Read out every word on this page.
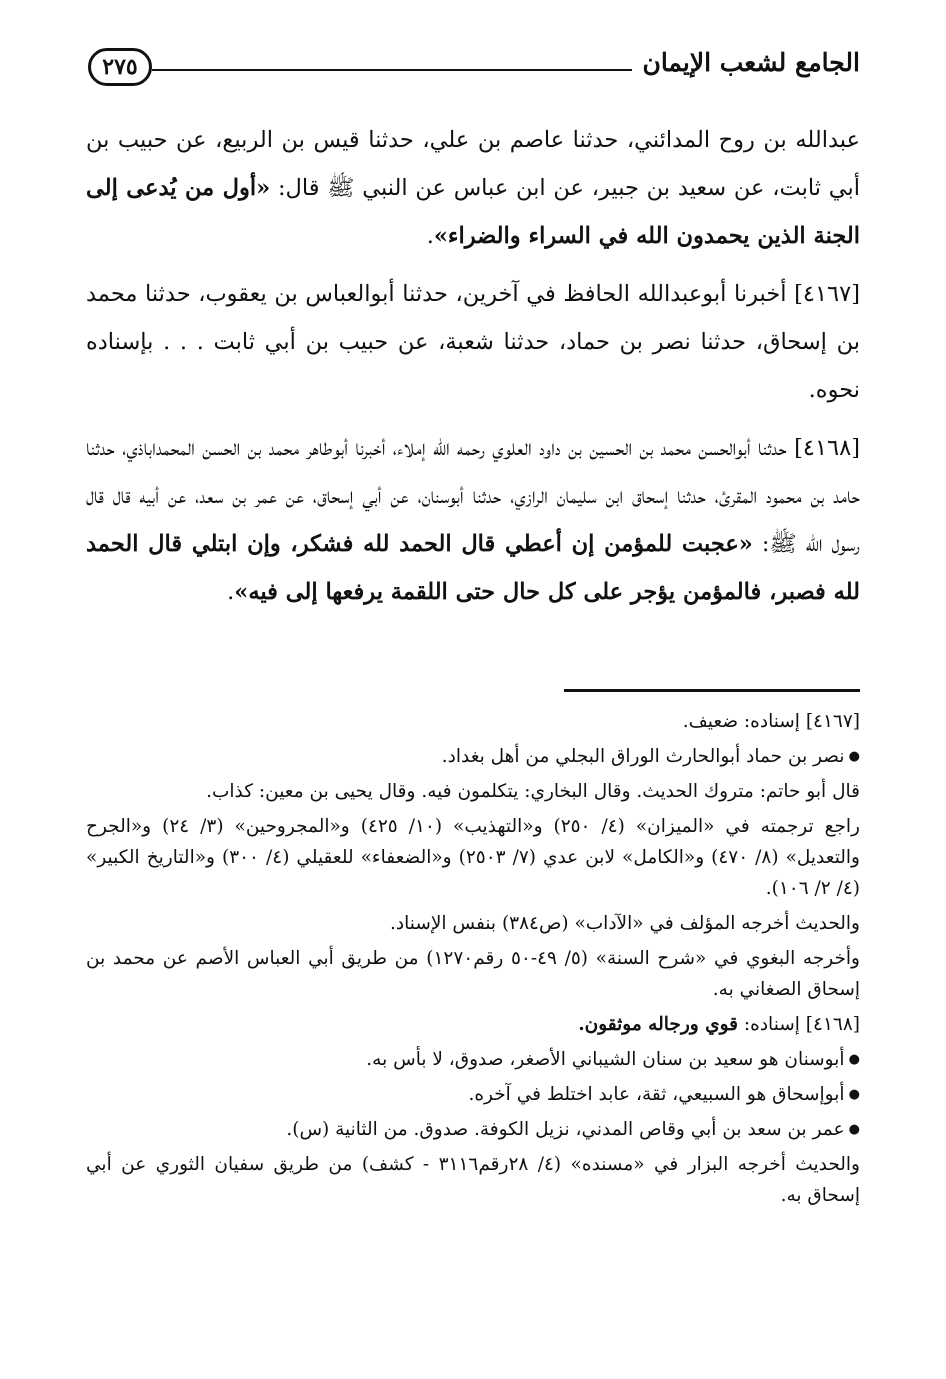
الجامع لشعب الإيمان
٢٧٥

عبدالله بن روح المدائني، حدثنا عاصم بن علي، حدثنا قيس بن الربيع، عن حبيب بن أبي ثابت، عن سعيد بن جبير، عن ابن عباس عن النبي ﷺ قال: «أول من يُدعى إلى الجنة الذين يحمدون الله في السراء والضراء».

[٤١٦٧] أخبرنا أبوعبدالله الحافظ في آخرين، حدثنا أبوالعباس بن يعقوب، حدثنا محمد بن إسحاق، حدثنا نصر بن حماد، حدثنا شعبة، عن حبيب بن أبي ثابت . . . بإسناده نحوه.

[٤١٦٨] حدثنا أبوالحسن محمد بن الحسين بن داود العلوي رحمه الله إملاء، أخبرنا أبوطاهر محمد بن الحسن المحمداباذي، حدثنا حامد بن محمود المقرئ، حدثنا إسحاق ابن سليمان الرازي، حدثنا أبوسنان، عن أبي إسحاق، عن عمر بن سعد، عن أبيه قال قال رسول الله ﷺ: «عجبت للمؤمن إن أعطي قال الحمد لله فشكر، وإن ابتلي قال الحمد لله فصبر، فالمؤمن يؤجر على كل حال حتى اللقمة يرفعها إلى فيه».

[٤١٦٧] إسناده: ضعيف.

● نصر بن حماد أبوالحارث الوراق البجلي من أهل بغداد.

قال أبو حاتم: متروك الحديث. وقال البخاري: يتكلمون فيه. وقال يحيى بن معين: كذاب.

راجع ترجمته في «الميزان» (٤/ ٢٥٠) و«التهذيب» (١٠/ ٤٢٥) و«المجروحين» (٣/ ٢٤) و«الجرح والتعديل» (٨/ ٤٧٠) و«الكامل» لابن عدي (٧/ ٢٥٠٣) و«الضعفاء» للعقيلي (٤/ ٣٠٠) و«التاريخ الكبير» (٤/ ٢/ ١٠٦).

والحديث أخرجه المؤلف في «الآداب» (ص٣٨٤) بنفس الإسناد.

وأخرجه البغوي في «شرح السنة» (٥/ ٤٩-٥٠ رقم١٢٧٠) من طريق أبي العباس الأصم عن محمد بن إسحاق الصغاني به.

[٤١٦٨] إسناده: قوي ورجاله موثقون.

● أبوسنان هو سعيد بن سنان الشيباني الأصغر، صدوق، لا بأس به.

● أبوإسحاق هو السبيعي، ثقة، عابد اختلط في آخره.

● عمر بن سعد بن أبي وقاص المدني، نزيل الكوفة. صدوق. من الثانية (س).

والحديث أخرجه البزار في «مسنده» (٤/ ٢٨رقم٣١١٦ - كشف) من طريق سفيان الثوري عن أبي إسحاق به.
